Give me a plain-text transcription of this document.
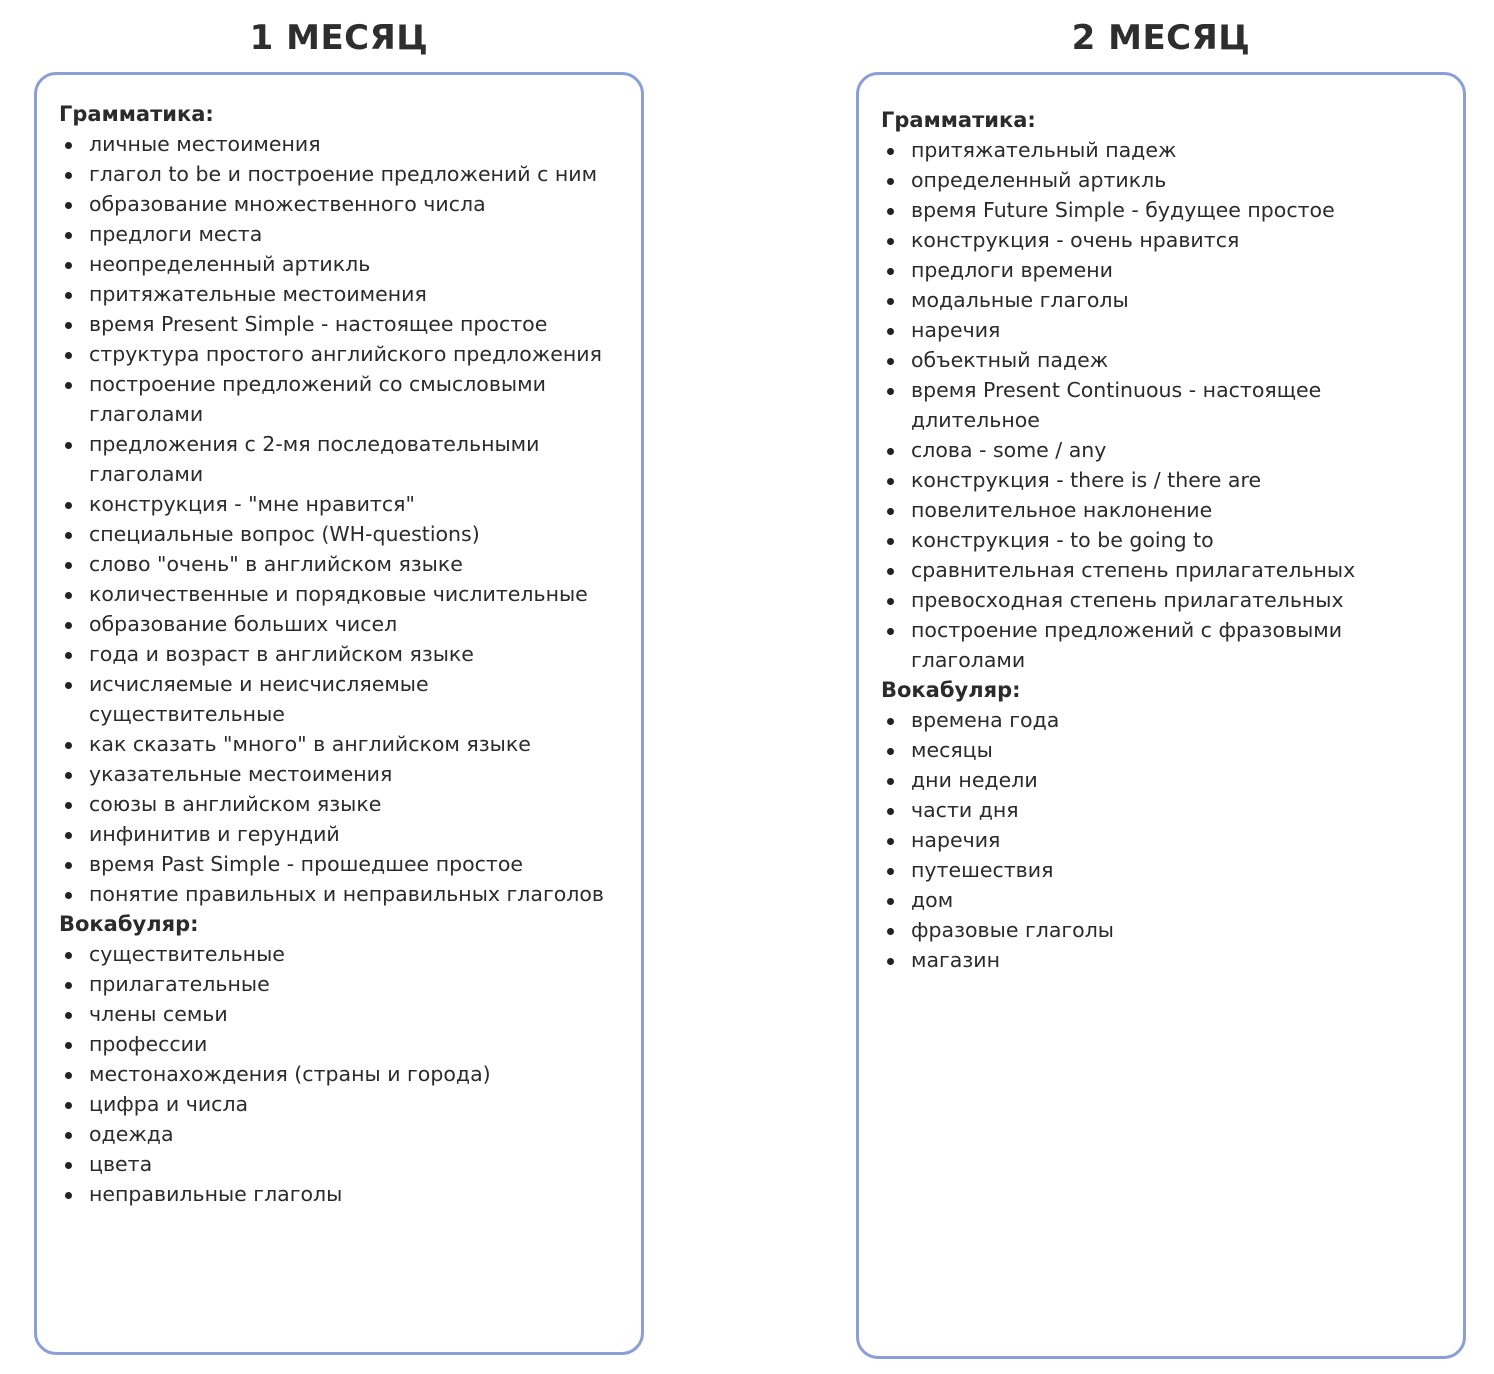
1 МЕСЯЦ
Грамматика:
личные местоимения
глагол to be и построение предложений с ним
образование множественного числа
предлоги места
неопределенный артикль
притяжательные местоимения
время Present Simple - настоящее простое
структура простого английского предложения
построение предложений со смысловыми глаголами
предложения с 2-мя последовательными глаголами
конструкция - "мне нравится"
специальные вопрос (WH-questions)
слово "очень" в английском языке
количественные и порядковые числительные
образование больших чисел
года и возраст в английском языке
исчисляемые и неисчисляемые существительные
как сказать "много" в английском языке
указательные местоимения
союзы в английском языке
инфинитив и герундий
время Past Simple - прошедшее простое
понятие правильных и неправильных глаголов
Вокабуляр:
существительные
прилагательные
члены семьи
профессии
местонахождения (страны и города)
цифра и числа
одежда
цвета
неправильные глаголы
2 МЕСЯЦ
Грамматика:
притяжательный падеж
определенный артикль
время Future Simple - будущее простое
конструкция - очень нравится
предлоги времени
модальные глаголы
наречия
объектный падеж
время Present Continuous - настоящее длительное
слова - some / any
конструкция - there is / there are
повелительное наклонение
конструкция - to be going to
сравнительная степень прилагательных
превосходная степень прилагательных
построение предложений с фразовыми глаголами
Вокабуляр:
времена года
месяцы
дни недели
части дня
наречия
путешествия
дом
фразовые глаголы
магазин
